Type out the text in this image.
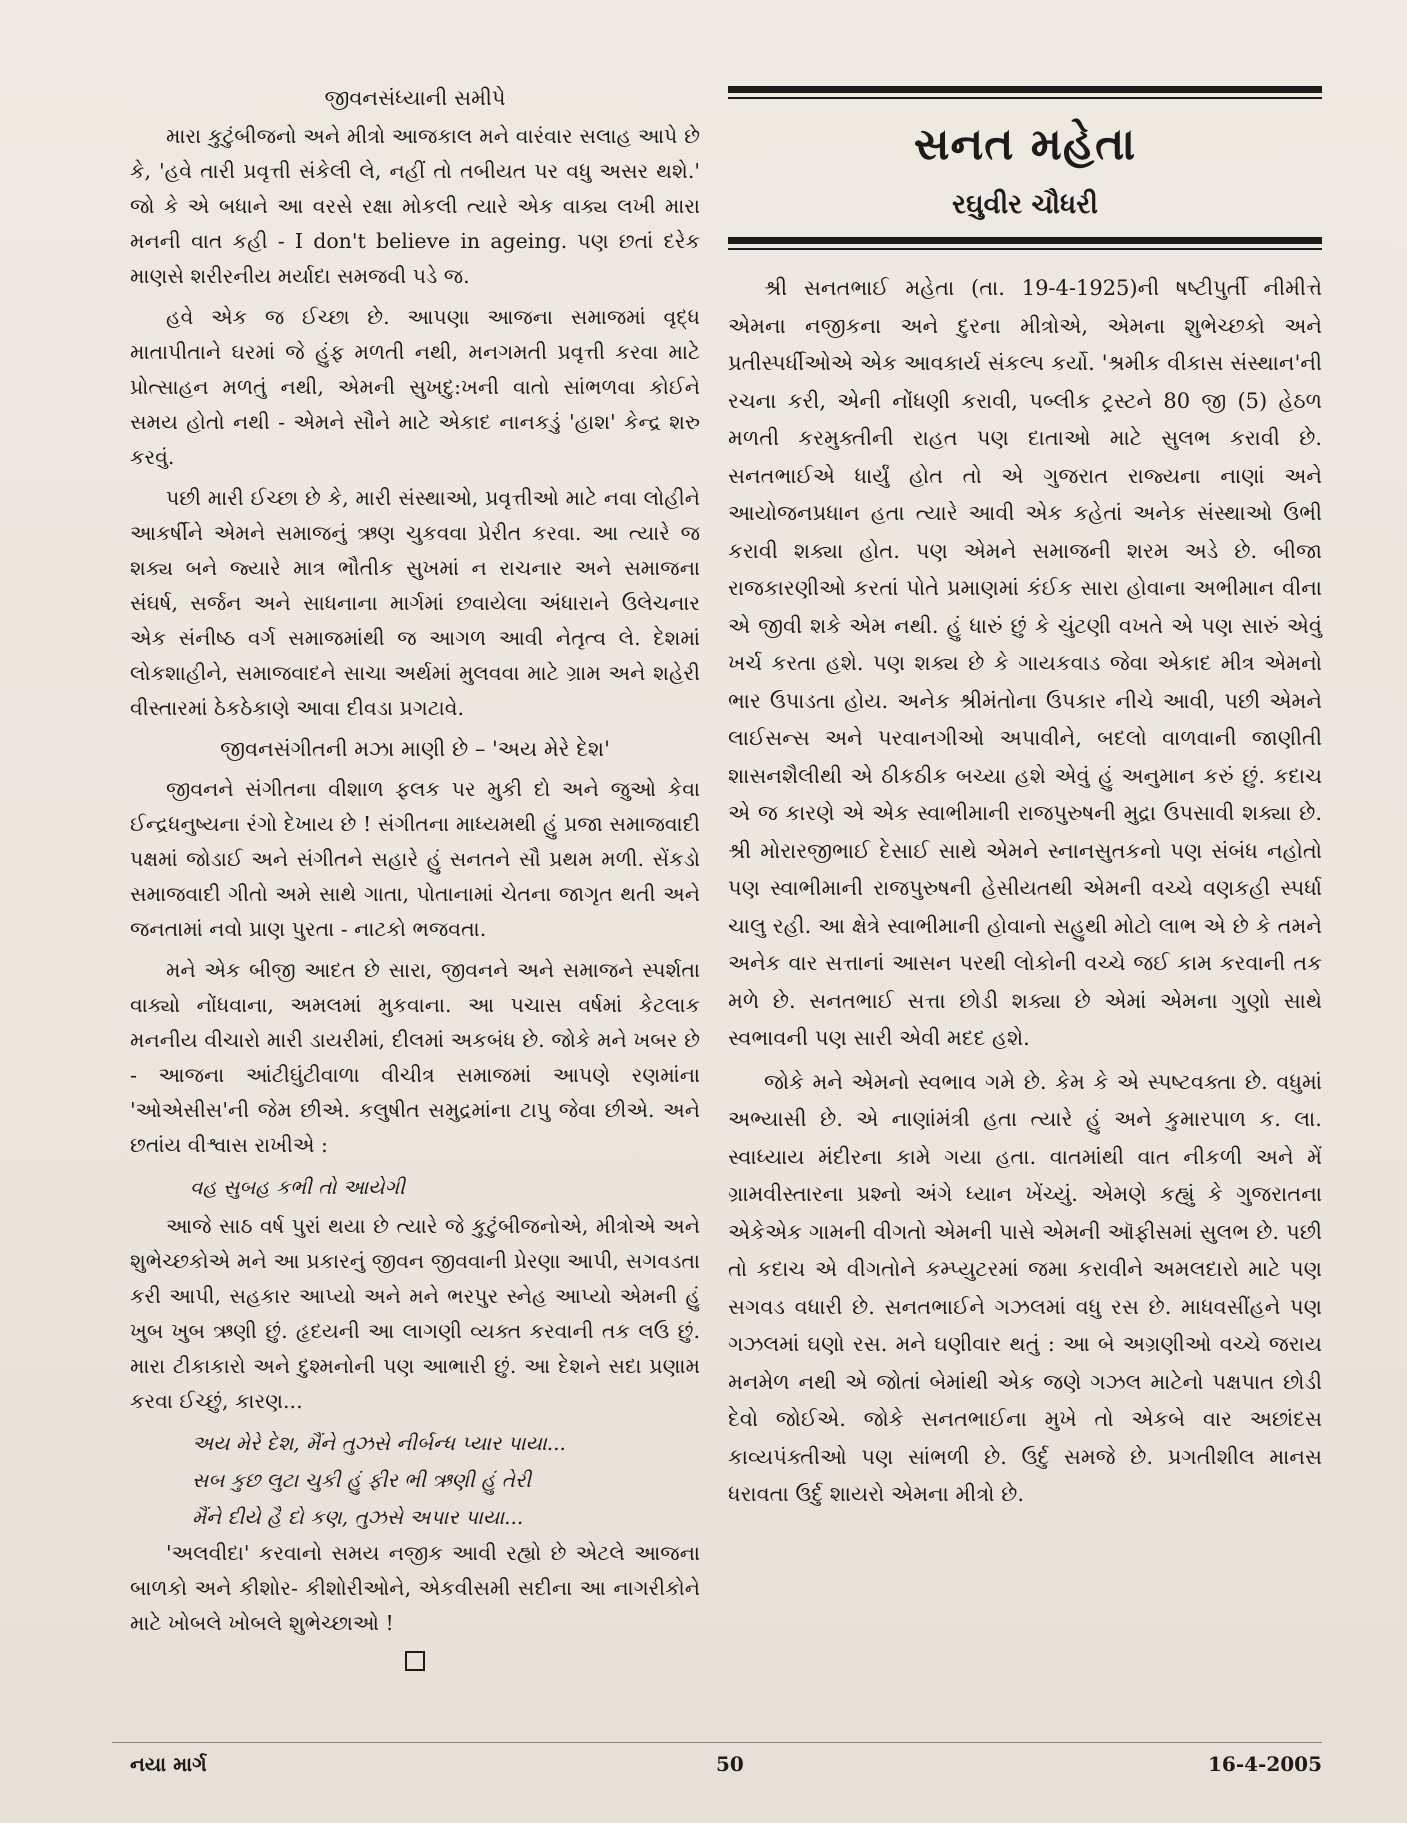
જીવનસંધ્યાની સમીપે

મારા કુટુંબીજનો અને મીત્રો આજકાલ મને વારંવાર સલાહ આપે છે કે, 'હવે તારી પ્રવૃત્તી સંકેલી લે, નહીં તો તબીયત પર વધુ અસર થશે.' જો કે એ બધાને આ વરસે રક્ષા મોકલી ત્યારે એક વાક્ય લખી મારા મનની વાત કહી - I don't believe in ageing. પણ છતાં દરેક માણસે શરીરનીય મર્યાદા સમજવી પડે જ.

હવે એક જ ઈચ્છા છે. આપણા આજના સમાજમાં વૃદ્ધ માતાપીતાને ઘરમાં જે હુંફ મળતી નથી, મનગમતી પ્રવૃત્તી કરવા માટે પ્રોત્સાહન મળતું નથી, એમની સુખદુ:ખની વાતો સાંભળવા કોઈને સમય હોતો નથી - એમને સૌને માટે એકાદ નાનકડું 'હાશ' કેન્દ્ર શરુ કરવું.

પછી મારી ઈચ્છા છે કે, મારી સંસ્થાઓ, પ્રવૃત્તીઓ માટે નવા લોહીને આકર્ષીને એમને સમાજનું ઋણ ચુકવવા પ્રેરીત કરવા. આ ત્યારે જ શક્ય બને જ્યારે માત્ર ભૌતીક સુખમાં ન રાચનાર અને સમાજના સંઘર્ષ, સર્જન અને સાધનાના માર્ગમાં છવાયેલા અંધારાને ઉલેચનાર એક સંનીષ્ઠ વર્ગ સમાજમાંથી જ આગળ આવી નેતૃત્વ લે. દેશમાં લોકશાહીને, સમાજવાદને સાચા અર્થમાં મુલવવા માટે ગ્રામ અને શહેરી વીસ્તારમાં ઠેકઠેકાણે આવા દીવડા પ્રગટાવે.

જીવનસંગીતની મઝા માણી છે – 'અય મેરે દેશ'

જીવનને સંગીતના વીશાળ ફલક પર મુકી દો અને જુઓ કેવા ઈન્દ્રધનુષ્યના રંગો દેખાય છે ! સંગીતના માધ્યમથી હું પ્રજા સમાજવાદી પક્ષમાં જોડાઈ અને સંગીતને સહારે હું સનતને સૌ પ્રથમ મળી. સેંકડો સમાજવાદી ગીતો અમે સાથે ગાતા, પોતાનામાં ચેતના જાગૃત થતી અને જનતામાં નવો પ્રાણ પુરતા - નાટકો ભજવતા.

મને એક બીજી આદત છે સારા, જીવનને અને સમાજને સ્પર્શતા વાક્યો નોંધવાના, અમલમાં મુકવાના. આ પચાસ વર્ષમાં કેટલાક મનનીય વીચારો મારી ડાયરીમાં, દીલમાં અકબંધ છે. જોકે મને ખબર છે - આજના આંટીઘુંટીવાળા વીચીત્ર સમાજમાં આપણે રણમાંના 'ઓએસીસ'ની જેમ છીએ. કલુષીત સમુદ્રમાંના ટાપુ જેવા છીએ. અને છતાંય વીશ્વાસ રાખીએ :

વહ સુબહ કભી તો આયેગી

આજે સાઠ વર્ષ પુરાં થયા છે ત્યારે જે કુટુંબીજનોએ, મીત્રોએ અને શુભેચ્છકોએ મને આ પ્રકારનું જીવન જીવવાની પ્રેરણા આપી, સગવડતા કરી આપી, સહકાર આપ્યો અને મને ભરપુર સ્નેહ આપ્યો એમની હું ખુબ ખુબ ઋણી છું. હૃદયની આ લાગણી વ્યક્ત કરવાની તક લઉ છું. મારા ટીકાકારો અને દુશ્મનોની પણ આભારી છું. આ દેશને સદા પ્રણામ કરવા ઈચ્છું, કારણ...

અય મેરે દેશ, મૈંને તુઝસે નીર્બન્ધ પ્યાર પાયા...

સબ કુછ લુટા ચુકી હું ફીર ભી ઋણી હું તેરી

મૈંને દીયે હૈ દો કણ, તુઝસે અપાર પાયા...

'અલવીદા' કરવાનો સમય નજીક આવી રહ્યો છે એટલે આજના બાળકો અને કીશોર- કીશોરીઓને, એકવીસમી સદીના આ નાગરીકોને માટે ખોબલે ખોબલે શુભેચ્છાઓ !

સનત મહેતા
રઘુવીર ચૌધરી

શ્રી સનતભાઈ મહેતા (તા. 19-4-1925)ની ષષ્ટીપુર્તી નીમીત્તે એમના નજીકના અને દુરના મીત્રોએ, એમના શુભેચ્છકો અને પ્રતીસ્પર્ધીઓએ એક આવકાર્ય સંકલ્પ કર્યો. 'શ્રમીક વીકાસ સંસ્થાન'ની રચના કરી, એની નોંધણી કરાવી, પબ્લીક ટ્રસ્ટને 80 જી (5) હેઠળ મળતી કરમુક્તીની રાહત પણ દાતાઓ માટે સુલભ કરાવી છે. સનતભાઈએ ધાર્યું હોત તો એ ગુજરાત રાજ્યના નાણાં અને આયોજનપ્રધાન હતા ત્યારે આવી એક કહેતાં અનેક સંસ્થાઓ ઉભી કરાવી શક્યા હોત. પણ એમને સમાજની શરમ અડે છે. બીજા રાજકારણીઓ કરતાં પોતે પ્રમાણમાં કંઈક સારા હોવાના અભીમાન વીના એ જીવી શકે એમ નથી. હું ધારું છું કે ચુંટણી વખતે એ પણ સારું એવું ખર્ચ કરતા હશે. પણ શક્ય છે કે ગાયકવાડ જેવા એકાદ મીત્ર એમનો ભાર ઉપાડતા હોય. અનેક શ્રીમંતોના ઉપકાર નીચે આવી, પછી એમને લાઈસન્સ અને પરવાનગીઓ અપાવીને, બદલો વાળવાની જાણીતી શાસનશૈલીથી એ ઠીકઠીક બચ્યા હશે એવું હું અનુમાન કરું છું. કદાચ એ જ કારણે એ એક સ્વાભીમાની રાજપુરુષની મુદ્રા ઉપસાવી શક્યા છે. શ્રી મોરારજીભાઈ દેસાઈ સાથે એમને સ્નાનસુતકનો પણ સંબંધ નહોતો પણ સ્વાભીમાની રાજપુરુષની હેસીયતથી એમની વચ્ચે વણકહી સ્પર્ધા ચાલુ રહી. આ ક્ષેત્રે સ્વાભીમાની હોવાનો સહુથી મોટો લાભ એ છે કે તમને અનેક વાર સત્તાનાં આસન પરથી લોકોની વચ્ચે જઈ કામ કરવાની તક મળે છે. સનતભાઈ સત્તા છોડી શક્યા છે એમાં એમના ગુણો સાથે સ્વભાવની પણ સારી એવી મદદ હશે.

જોકે મને એમનો સ્વભાવ ગમે છે. કેમ કે એ સ્પષ્ટવક્તા છે. વધુમાં અભ્યાસી છે. એ નાણાંમંત્રી હતા ત્યારે હું અને કુમારપાળ ક. લા. સ્વાધ્યાય મંદીરના કામે ગયા હતા. વાતમાંથી વાત નીકળી અને મેં ગ્રામવીસ્તારના પ્રશ્નો અંગે ધ્યાન ખેંચ્યું. એમણે કહ્યું કે ગુજરાતના એકેએક ગામની વીગતો એમની પાસે એમની ઑફીસમાં સુલભ છે. પછી તો કદાચ એ વીગતોને કમ્પ્યુટરમાં જમા કરાવીને અમલદારો માટે પણ સગવડ વધારી છે. સનતભાઈને ગઝલમાં વધુ રસ છે. માધવસીંહને પણ ગઝલમાં ઘણો રસ. મને ઘણીવાર થતું : આ બે અગ્રણીઓ વચ્ચે જરાય મનમેળ નથી એ જોતાં બેમાંથી એક જણે ગઝલ માટેનો પક્ષપાત છોડી દેવો જોઈએ. જોકે સનતભાઈના મુખે તો એકબે વાર અછાંદસ કાવ્યપંક્તીઓ પણ સાંભળી છે. ઉર્દુ સમજે છે. પ્રગતીશીલ માનસ ધરાવતા ઉર્દુ શાયરો એમના મીત્રો છે.

નયા માર્ગ	50	16-4-2005
